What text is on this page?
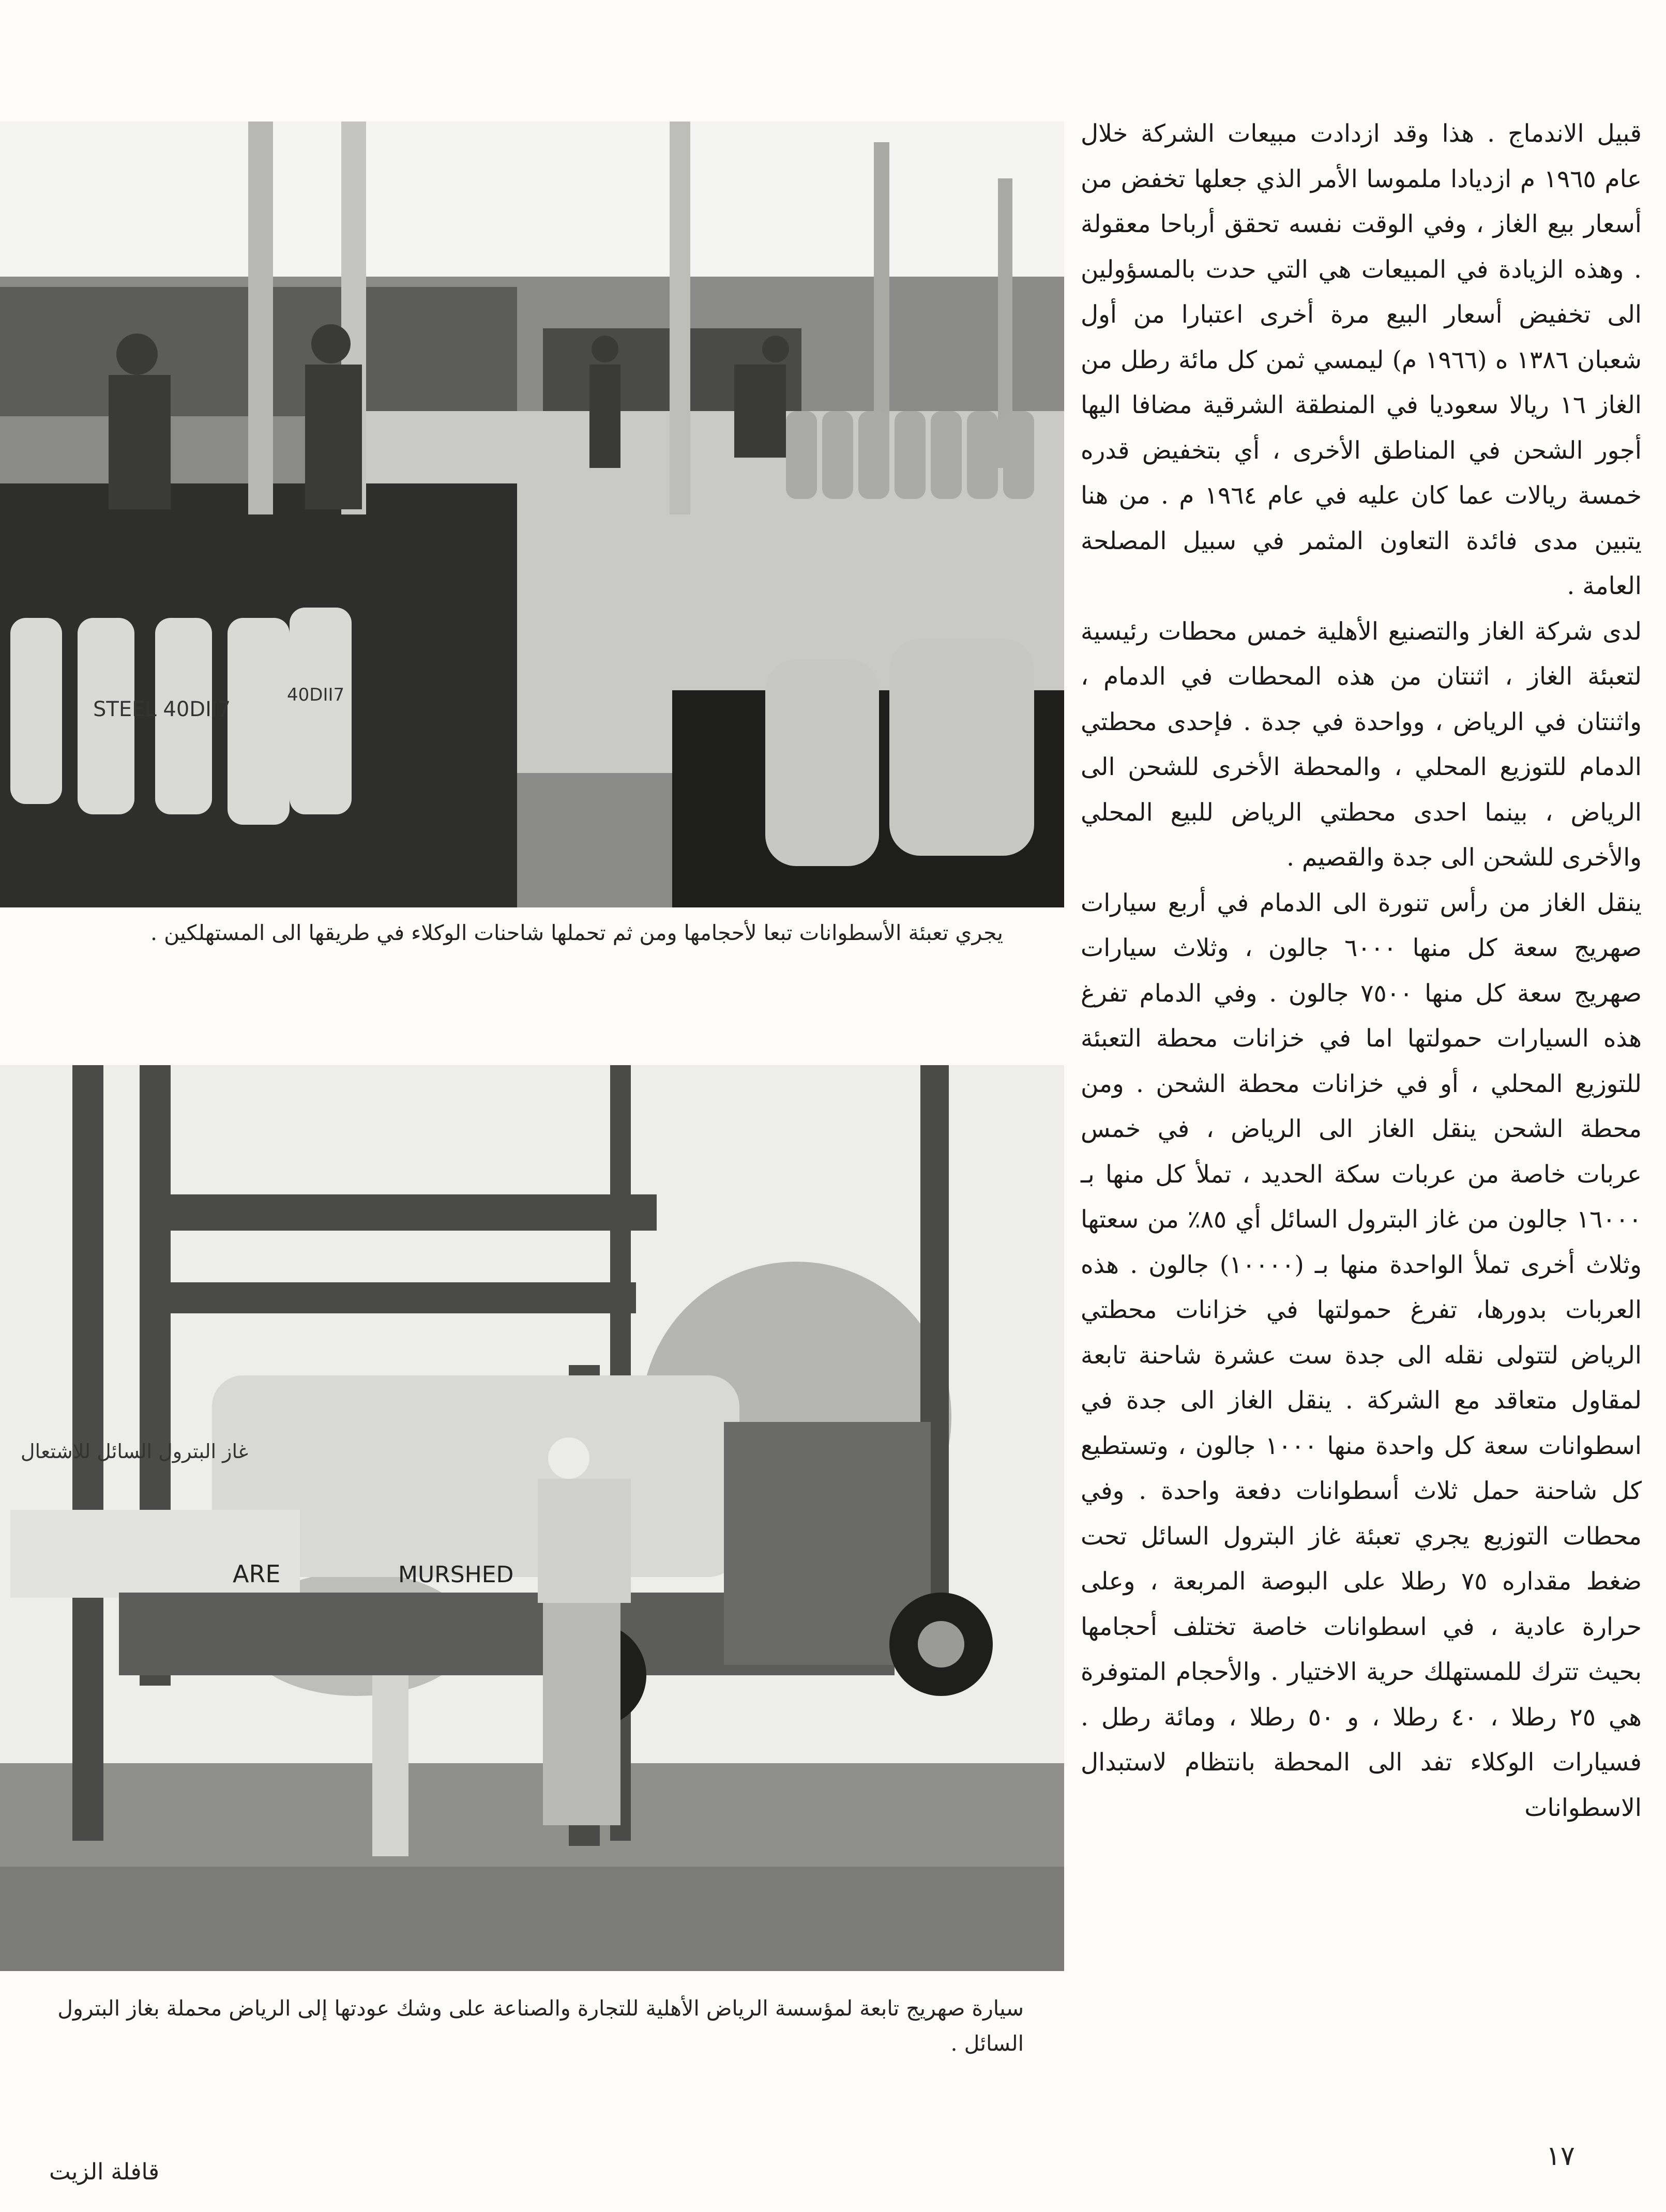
STEEL 40DII7
40DII7
يجري تعبئة الأسطوانات تبعا لأحجامها ومن ثم تحملها شاحنات الوكلاء في طريقها الى المستهلكين .
ARE	MURSHED
غاز البترول السائل للاشتعال
سيارة صهريج تابعة لمؤسسة الرياض الأهلية للتجارة والصناعة على وشك عودتها إلى الرياض محملة بغاز البترول السائل .

قبيل الاندماج . هذا وقد ازدادت مبيعات الشركة خلال عام ١٩٦٥ م ازديادا ملموسا الأمر الذي جعلها تخفض من أسعار بيع الغاز ، وفي الوقت نفسه تحقق أرباحا معقولة . وهذه الزيادة في المبيعات هي التي حدت بالمسؤولين الى تخفيض أسعار البيع مرة أخرى اعتبارا من أول شعبان ١٣٨٦ ه (١٩٦٦ م) ليمسي ثمن كل مائة رطل من الغاز ١٦ ريالا سعوديا في المنطقة الشرقية مضافا اليها أجور الشحن في المناطق الأخرى ، أي بتخفيض قدره خمسة ريالات عما كان عليه في عام ١٩٦٤ م . من هنا يتبين مدى فائدة التعاون المثمر في سبيل المصلحة العامة .

لدى شركة الغاز والتصنيع الأهلية خمس محطات رئيسية لتعبئة الغاز ، اثنتان من هذه المحطات في الدمام ، واثنتان في الرياض ، وواحدة في جدة . فإحدى محطتي الدمام للتوزيع المحلي ، والمحطة الأخرى للشحن الى الرياض ، بينما احدى محطتي الرياض للبيع المحلي والأخرى للشحن الى جدة والقصيم .

ينقل الغاز من رأس تنورة الى الدمام في أربع سيارات صهريج سعة كل منها ٦٠٠٠ جالون ، وثلاث سيارات صهريج سعة كل منها ٧٥٠٠ جالون . وفي الدمام تفرغ هذه السيارات حمولتها اما في خزانات محطة التعبئة للتوزيع المحلي ، أو في خزانات محطة الشحن . ومن محطة الشحن ينقل الغاز الى الرياض ، في خمس عربات خاصة من عربات سكة الحديد ، تملأ كل منها بـ ١٦٠٠٠ جالون من غاز البترول السائل أي ٨٥٪ من سعتها وثلاث أخرى تملأ الواحدة منها بـ (١٠٠٠٠) جالون . هذه العربات بدورها، تفرغ حمولتها في خزانات محطتي الرياض لتتولى نقله الى جدة ست عشرة شاحنة تابعة لمقاول متعاقد مع الشركة . ينقل الغاز الى جدة في اسطوانات سعة كل واحدة منها ١٠٠٠ جالون ، وتستطيع كل شاحنة حمل ثلاث أسطوانات دفعة واحدة . وفي محطات التوزيع يجري تعبئة غاز البترول السائل تحت ضغط مقداره ٧٥ رطلا على البوصة المربعة ، وعلى حرارة عادية ، في اسطوانات خاصة تختلف أحجامها بحيث تترك للمستهلك حرية الاختيار . والأحجام المتوفرة هي ٢٥ رطلا ، ٤٠ رطلا ، و ٥٠ رطلا ، ومائة رطل . فسيارات الوكلاء تفد الى المحطة بانتظام لاستبدال الاسطوانات

١٧
قافلة الزيت
